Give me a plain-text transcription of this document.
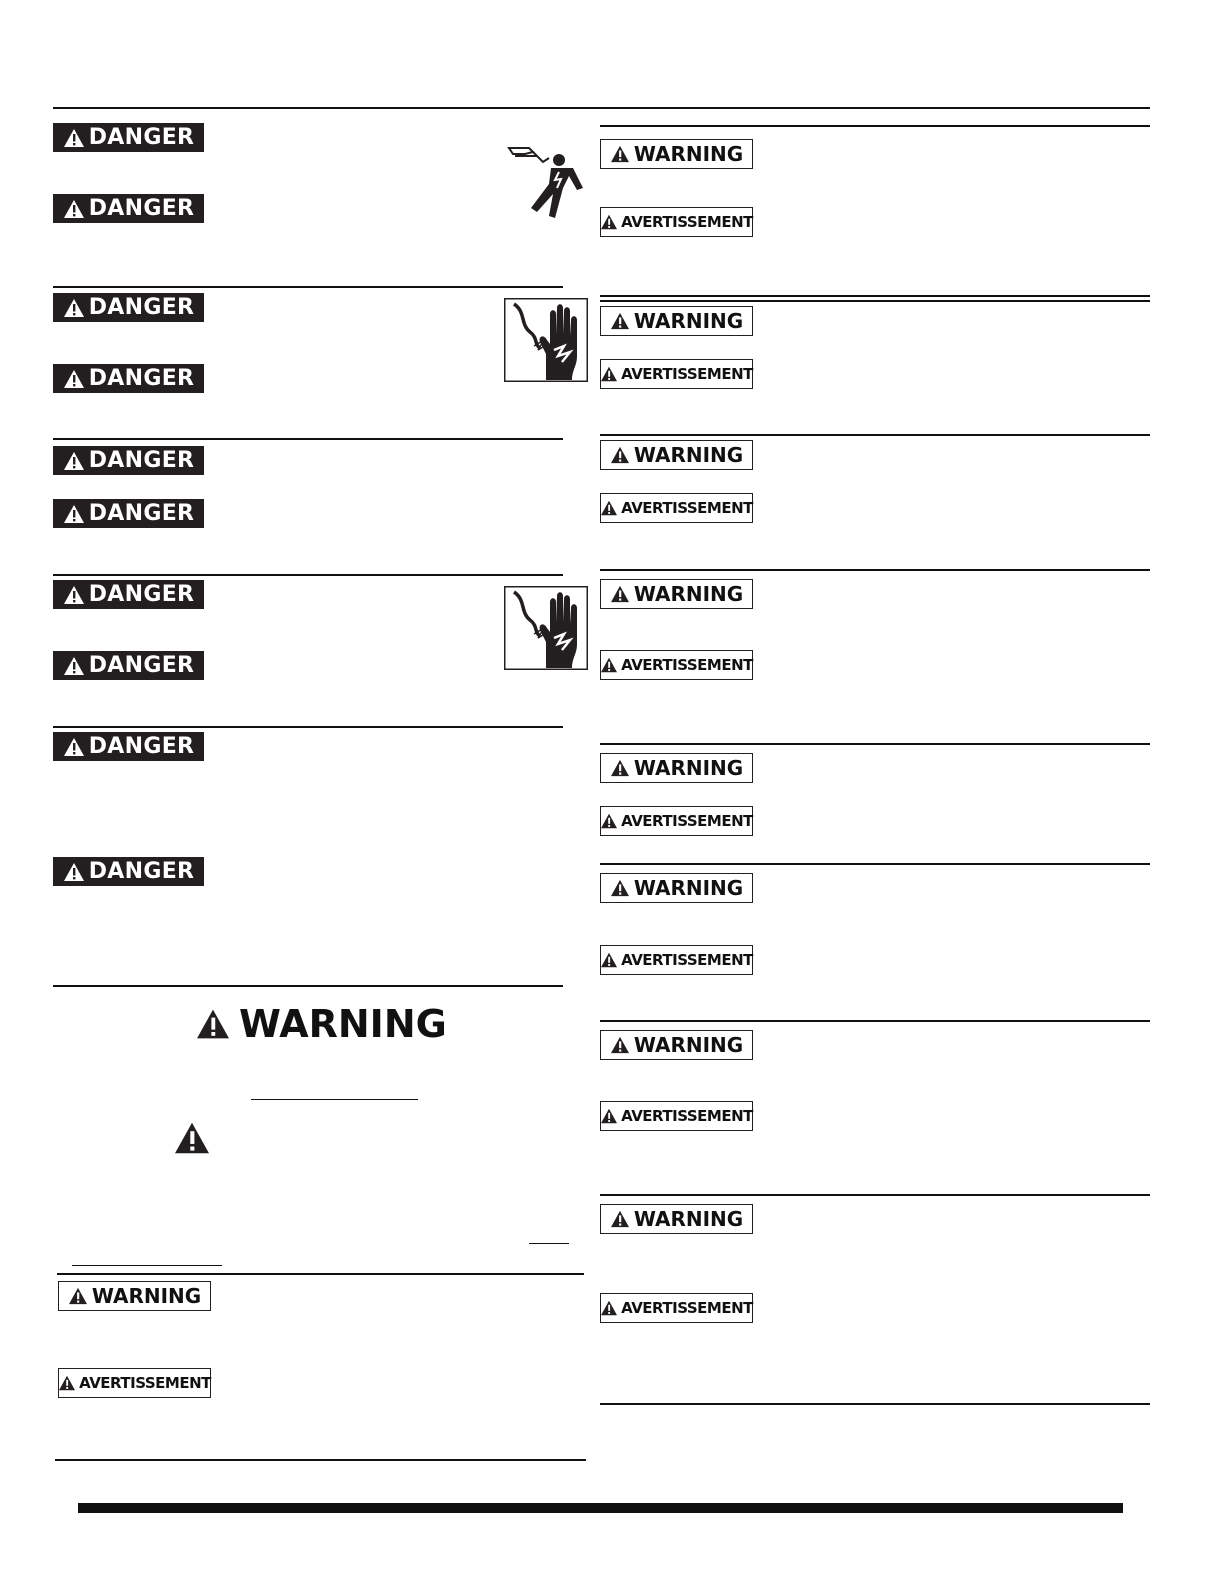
DANGER
DANGER
DANGER
DANGER
DANGER
DANGER
DANGER
DANGER
DANGER
DANGER
WARNING
WARNING
AVERTISSEMENT
WARNING
WARNING
WARNING
WARNING
WARNING
WARNING
WARNING
WARNING
AVERTISSEMENT
AVERTISSEMENT
AVERTISSEMENT
AVERTISSEMENT
AVERTISSEMENT
AVERTISSEMENT
AVERTISSEMENT
AVERTISSEMENT
